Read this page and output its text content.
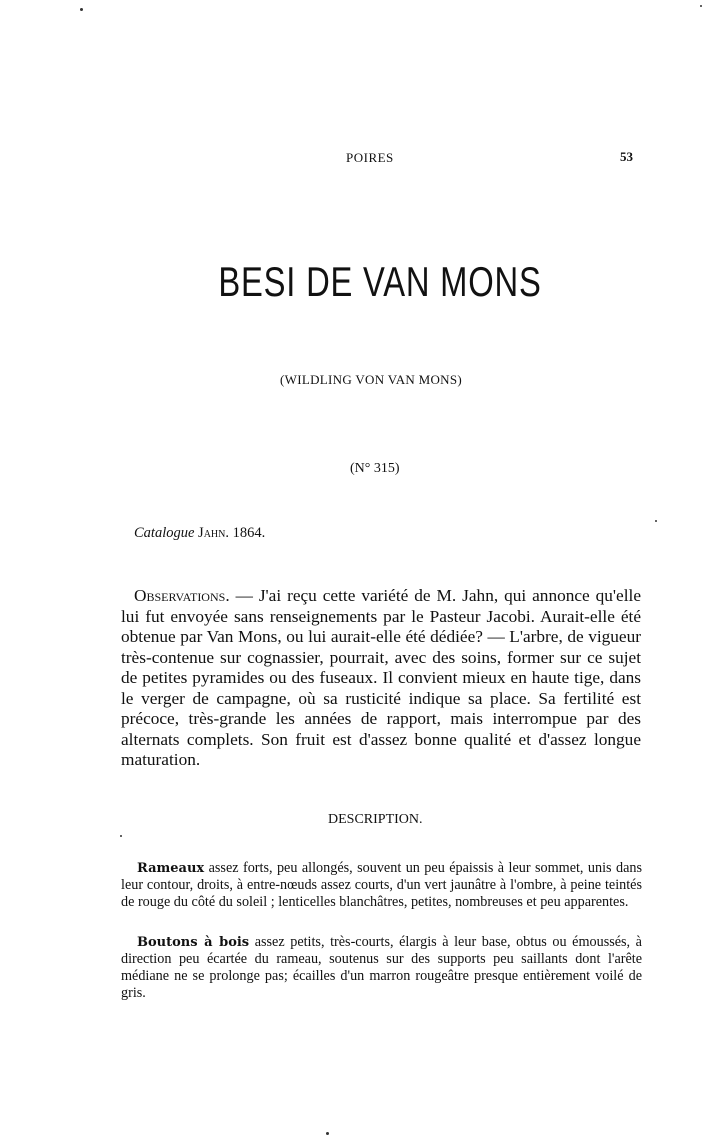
POIRES	53
BESI DE VAN MONS
(WILDLING VON VAN MONS)
(N° 315)
Catalogue Jahn. 1864.

Observations. — J'ai reçu cette variété de M. Jahn, qui annonce qu'elle lui fut envoyée sans renseignements par le Pasteur Jacobi. Aurait-elle été obtenue par Van Mons, ou lui aurait-elle été dédiée? — L'arbre, de vigueur très-contenue sur cognassier, pourrait, avec des soins, former sur ce sujet de petites pyramides ou des fuseaux. Il convient mieux en haute tige, dans le verger de campagne, où sa rusticité indique sa place. Sa fertilité est précoce, très-grande les années de rapport, mais interrompue par des alternats complets. Son fruit est d'assez bonne qualité et d'assez longue maturation.

DESCRIPTION.

Rameaux assez forts, peu allongés, souvent un peu épaissis à leur sommet, unis dans leur contour, droits, à entre-nœuds assez courts, d'un vert jaunâtre à l'ombre, à peine teintés de rouge du côté du soleil ; lenticelles blanchâtres, petites, nombreuses et peu apparentes.

Boutons à bois assez petits, très-courts, élargis à leur base, obtus ou émoussés, à direction peu écartée du rameau, soutenus sur des supports peu saillants dont l'arête médiane ne se prolonge pas; écailles d'un marron rougeâtre presque entièrement voilé de gris.
